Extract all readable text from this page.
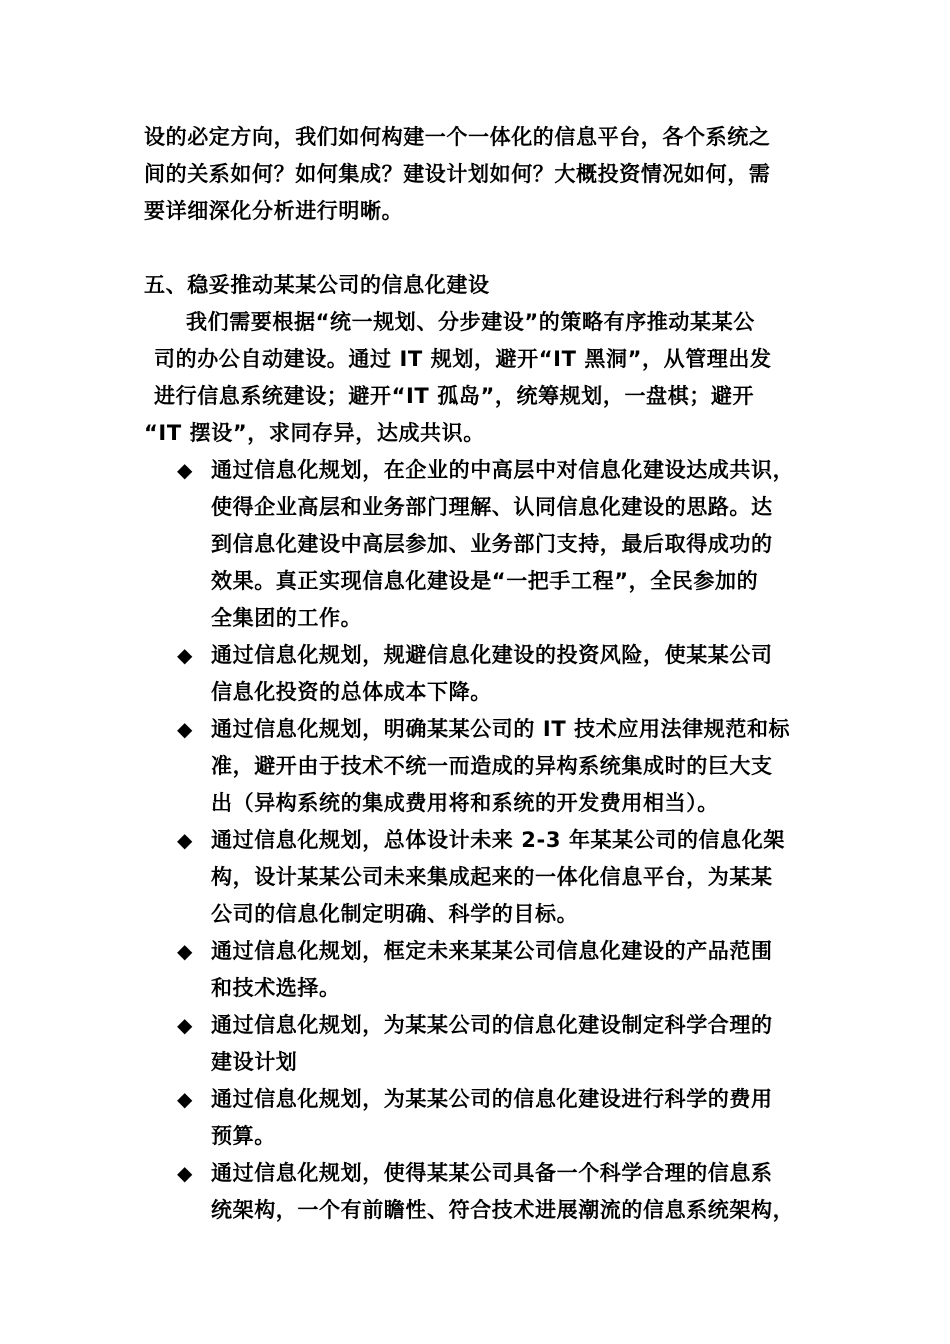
设的必定方向，我们如何构建一个一体化的信息平台，各个系统之
间的关系如何？如何集成？建设计划如何？大概投资情况如何，需
要详细深化分析进行明晰。
五、稳妥推动某某公司的信息化建设
我们需要根据“统一规划、分步建设”的策略有序推动某某公
司的办公自动建设。通过 IT 规划，避开“IT 黑洞”，从管理出发
进行信息系统建设；避开“IT 孤岛”，统筹规划，一盘棋；避开
“IT 摆设”，求同存异，达成共识。
◆ 通过信息化规划，在企业的中高层中对信息化建设达成共识，
使得企业高层和业务部门理解、认同信息化建设的思路。达
到信息化建设中高层参加、业务部门支持，最后取得成功的
效果。真正实现信息化建设是“一把手工程”，全民参加的
全集团的工作。
◆ 通过信息化规划，规避信息化建设的投资风险，使某某公司
信息化投资的总体成本下降。
◆ 通过信息化规划，明确某某公司的 IT 技术应用法律规范和标
准，避开由于技术不统一而造成的异构系统集成时的巨大支
出（异构系统的集成费用将和系统的开发费用相当）。
◆ 通过信息化规划，总体设计未来 2-3 年某某公司的信息化架
构，设计某某公司未来集成起来的一体化信息平台，为某某
公司的信息化制定明确、科学的目标。
◆ 通过信息化规划，框定未来某某公司信息化建设的产品范围
和技术选择。
◆ 通过信息化规划，为某某公司的信息化建设制定科学合理的
建设计划
◆ 通过信息化规划，为某某公司的信息化建设进行科学的费用
预算。
◆ 通过信息化规划，使得某某公司具备一个科学合理的信息系
统架构，一个有前瞻性、符合技术进展潮流的信息系统架构，
